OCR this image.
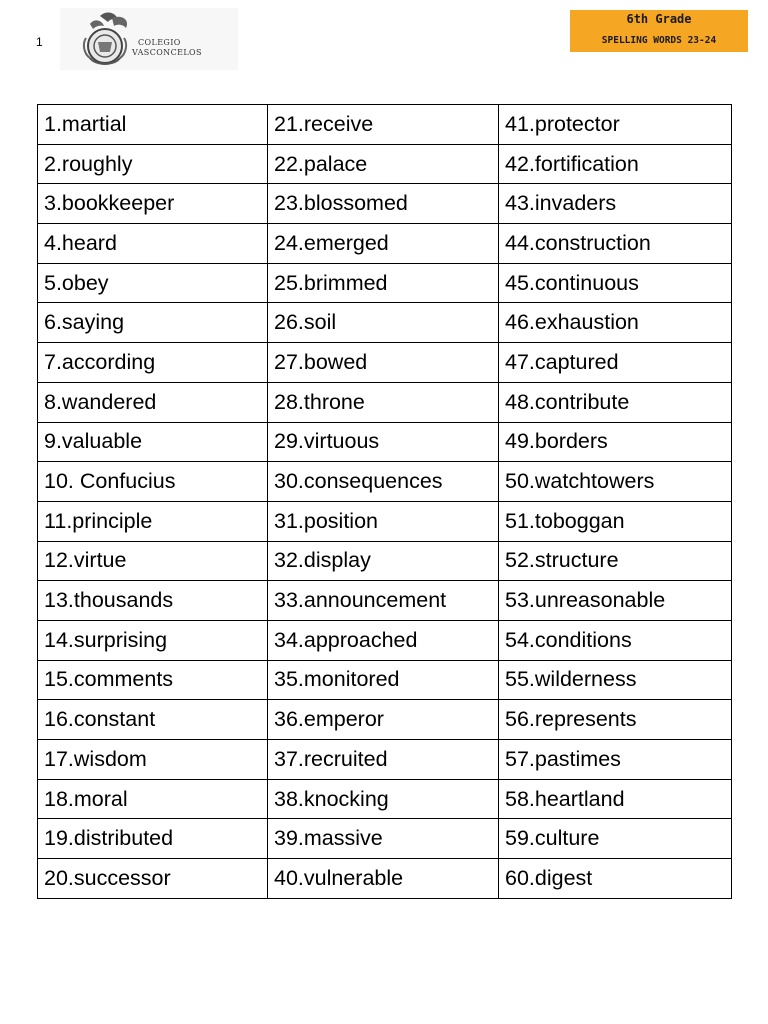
1	COLEGIO
VASCONCELOS
6th Grade
SPELLING WORDS 23-24
1.martial	21.receive	41.protector
2.roughly	22.palace	42.fortification
3.bookkeeper	23.blossomed	43.invaders
4.heard	24.emerged	44.construction
5.obey	25.brimmed	45.continuous
6.saying	26.soil	46.exhaustion
7.according	27.bowed	47.captured
8.wandered	28.throne	48.contribute
9.valuable	29.virtuous	49.borders
10. Confucius	30.consequences	50.watchtowers
11.principle	31.position	51.toboggan
12.virtue	32.display	52.structure
13.thousands	33.announcement	53.unreasonable
14.surprising	34.approached	54.conditions
15.comments	35.monitored	55.wilderness
16.constant	36.emperor	56.represents
17.wisdom	37.recruited	57.pastimes
18.moral	38.knocking	58.heartland
19.distributed	39.massive	59.culture
20.successor	40.vulnerable	60.digest
